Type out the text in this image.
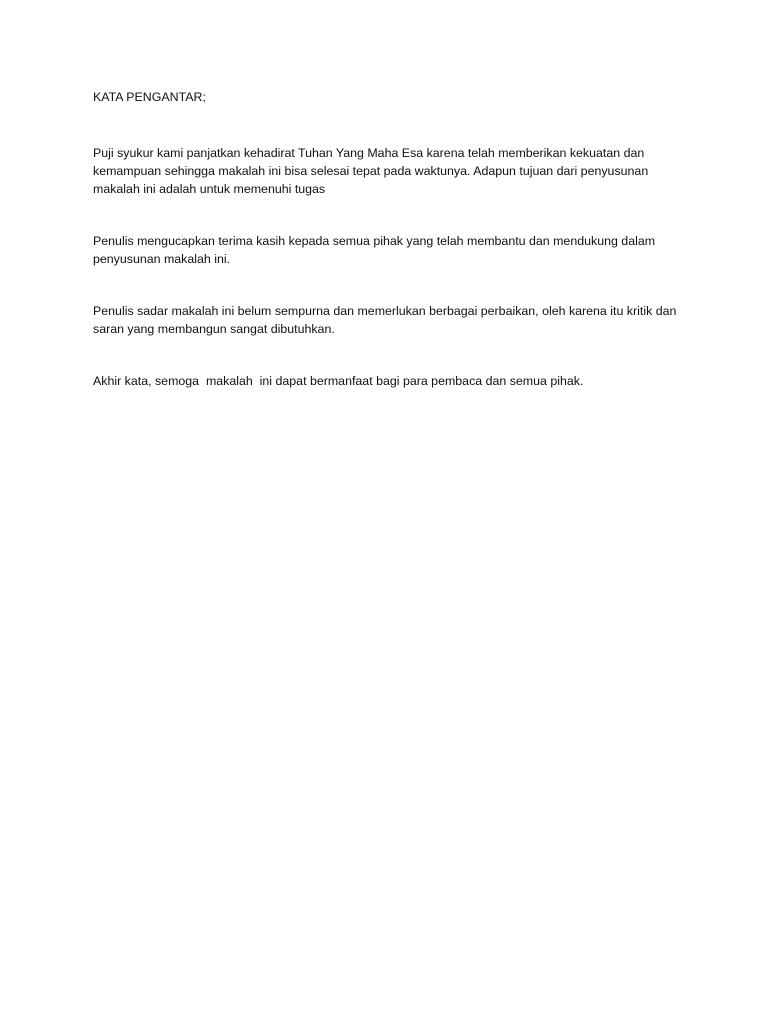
KATA PENGANTAR;

Puji syukur kami panjatkan kehadirat Tuhan Yang Maha Esa karena telah memberikan kekuatan dan kemampuan sehingga makalah ini bisa selesai tepat pada waktunya. Adapun tujuan dari penyusunan makalah ini adalah untuk memenuhi tugas

Penulis mengucapkan terima kasih kepada semua pihak yang telah membantu dan mendukung dalam penyusunan makalah ini.

Penulis sadar makalah ini belum sempurna dan memerlukan berbagai perbaikan, oleh karena itu kritik dan saran yang membangun sangat dibutuhkan.

Akhir kata, semoga  makalah  ini dapat bermanfaat bagi para pembaca dan semua pihak.
